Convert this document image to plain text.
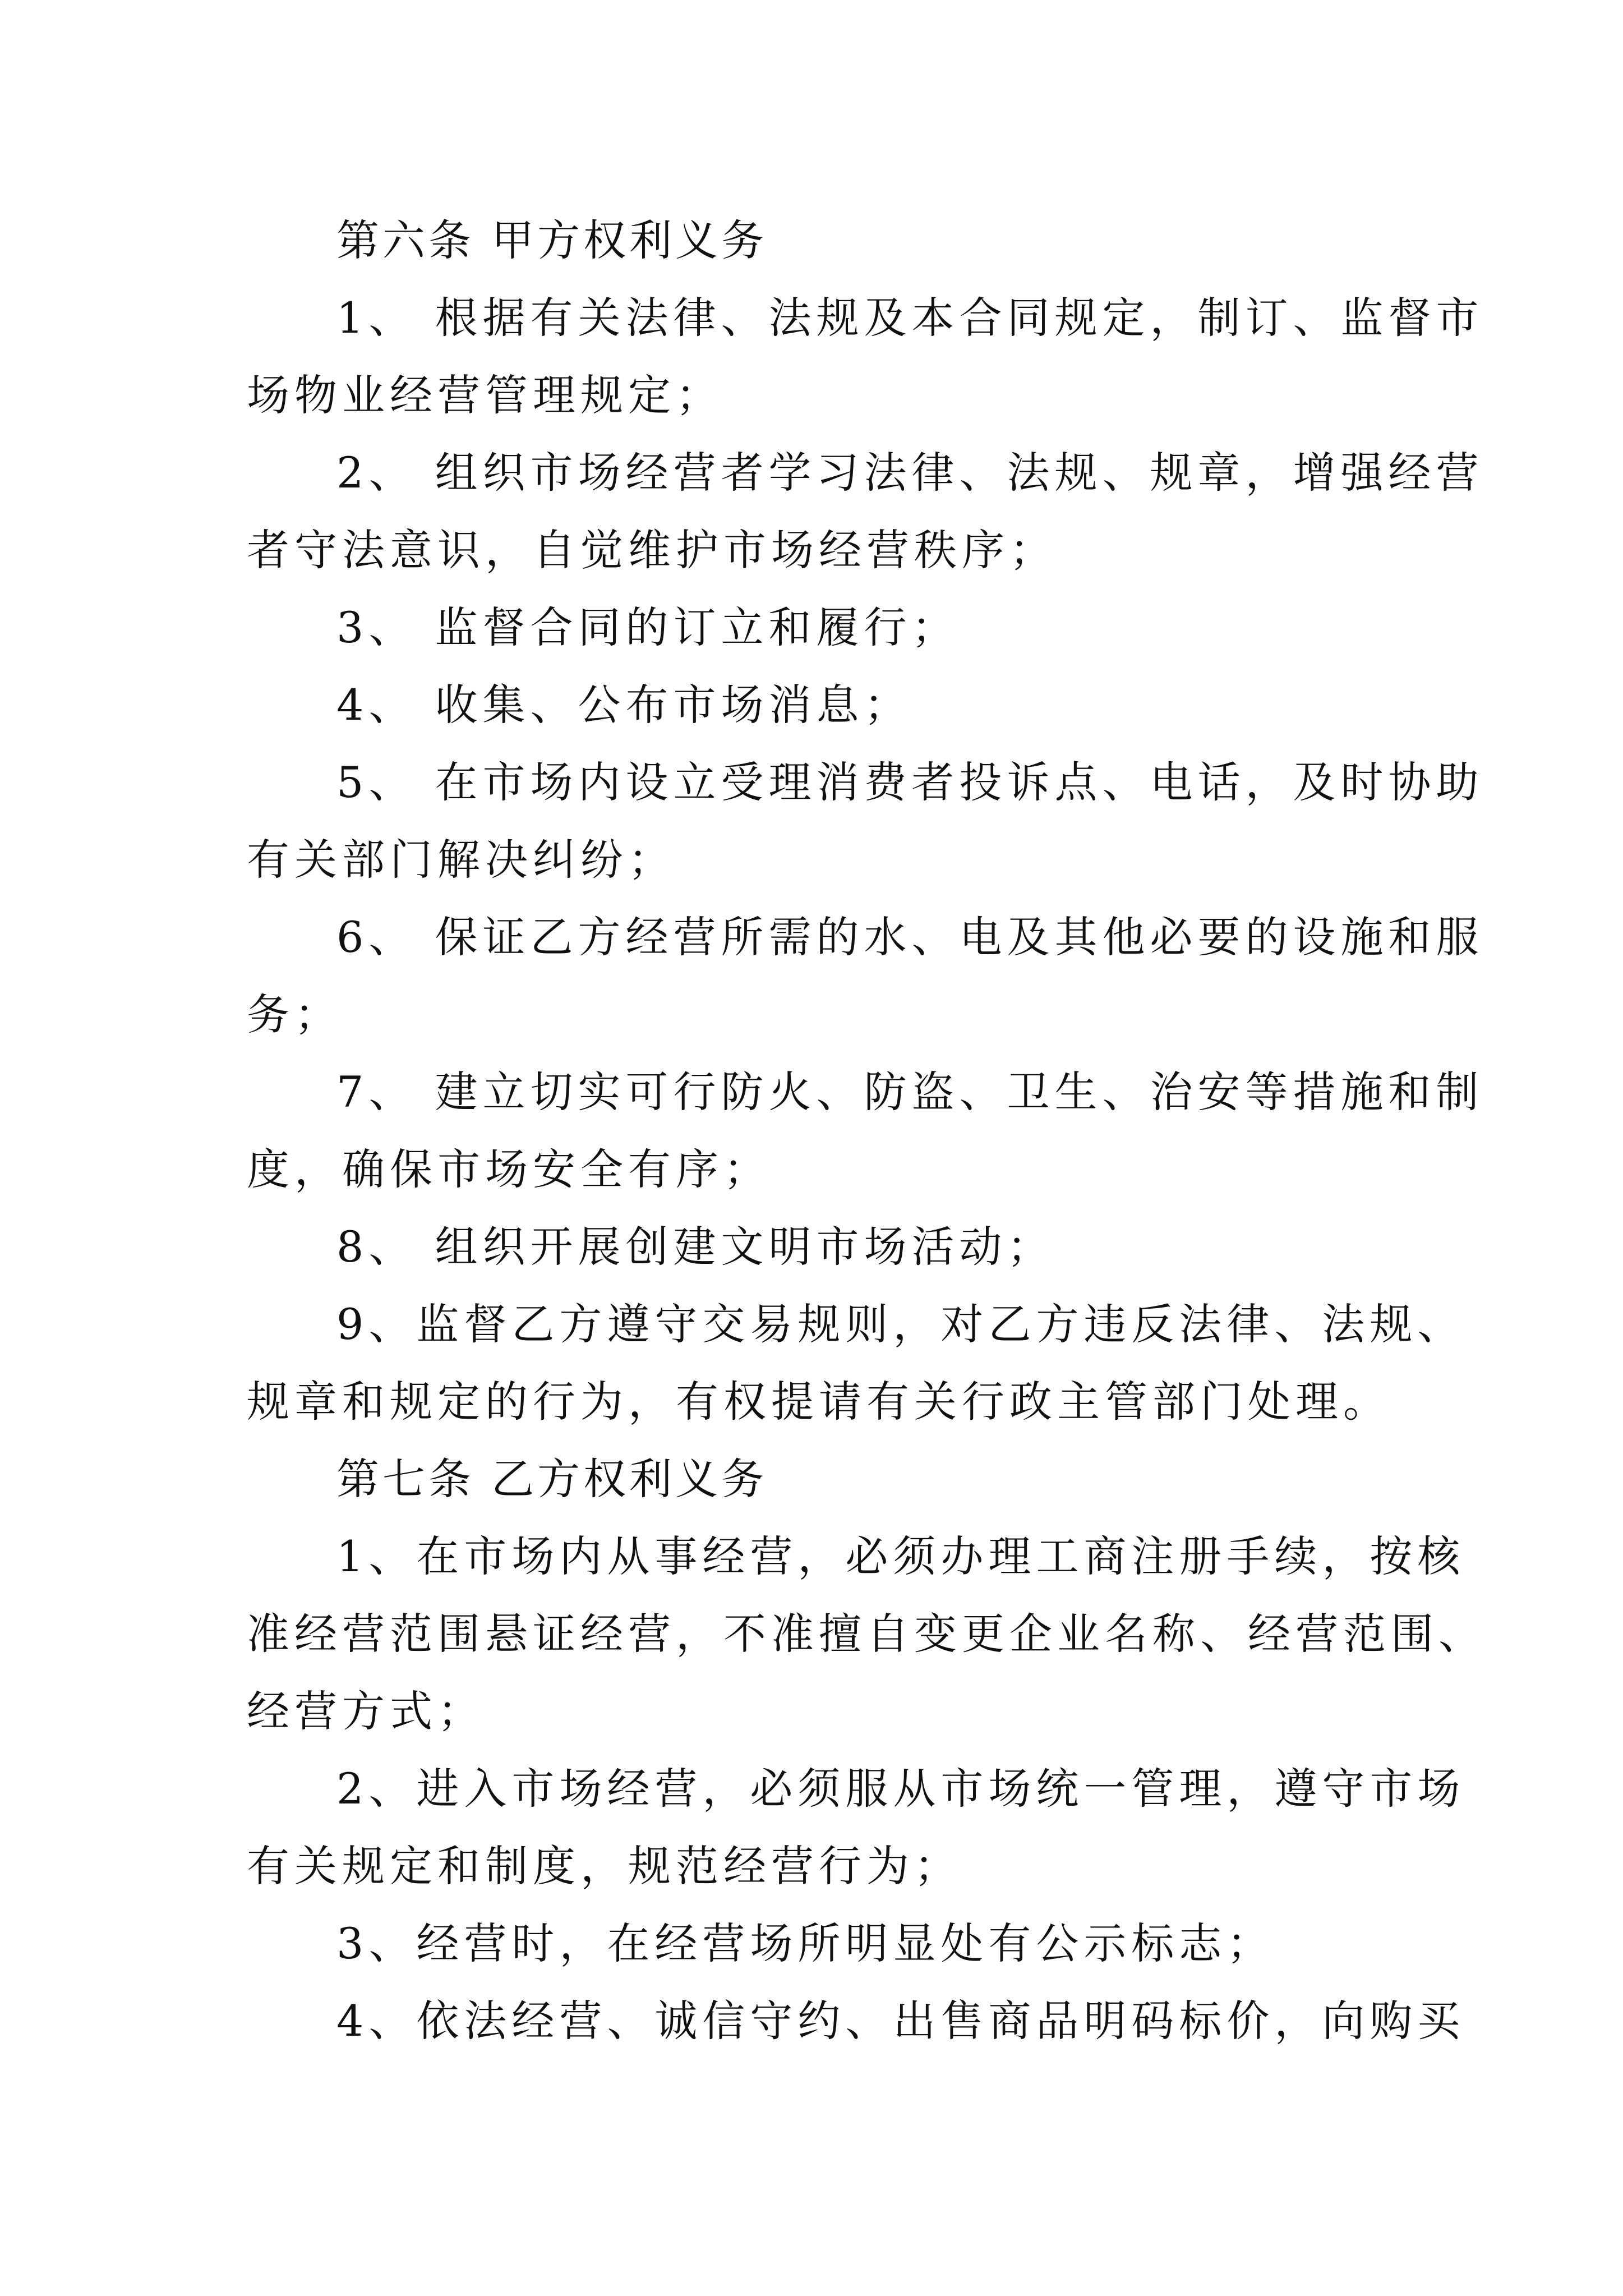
第六条 甲方权利义务
1、 根据有关法律、法规及本合同规定，制订、监督市
场物业经营管理规定；
2、 组织市场经营者学习法律、法规、规章，增强经营
者守法意识，自觉维护市场经营秩序；
3、 监督合同的订立和履行；
4、 收集、公布市场消息；
5、 在市场内设立受理消费者投诉点、电话，及时协助
有关部门解决纠纷；
6、 保证乙方经营所需的水、电及其他必要的设施和服
务；
7、 建立切实可行防火、防盗、卫生、治安等措施和制
度，确保市场安全有序；
8、 组织开展创建文明市场活动；
9、监督乙方遵守交易规则，对乙方违反法律、法规、
规章和规定的行为，有权提请有关行政主管部门处理。
第七条 乙方权利义务
1、在市场内从事经营，必须办理工商注册手续，按核
准经营范围悬证经营，不准擅自变更企业名称、经营范围、
经营方式；
2、进入市场经营，必须服从市场统一管理，遵守市场
有关规定和制度，规范经营行为；
3、经营时，在经营场所明显处有公示标志；
4、依法经营、诚信守约、出售商品明码标价，向购买
